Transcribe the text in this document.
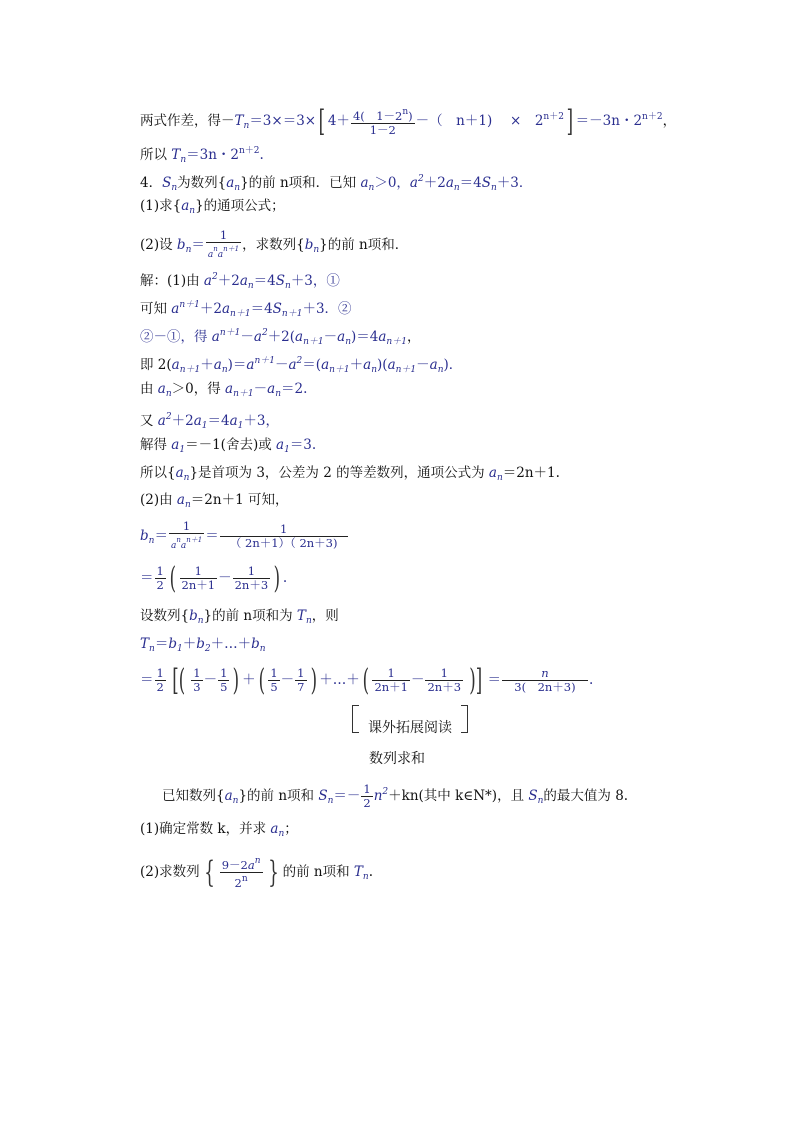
两式作差，得$-T_n=3\times=3\times$[ $4+ \frac{4( 1-2^n)}{1-2}$ －（　n＋1)　 ×　$2^{n+2}] =-3n$・$2^{n+2}$，
所以 $T_n=3n$・$2^{n+2}$.
4．$S_n$为数列$\{a_n\}$的前 n项和．已知 $a_n>0$，$a^2+2a_n=4S_n+3$．
(1)求$\{a_n\}$的通项公式；
(2)设 $b_n= \frac{1}{a^na^{n+1}}$ ，求数列$\{b_n\}$的前 n项和．
解：(1)由 $a^2+2a_n=4S_n+3$，①
可知 $a^{n+1}+2a_{n+1}=4S_{n+1}+3$．②
②－①，得 $a^{n+1}-a^2+2(a_{n+1}-a_n)=4a_{n+1}$，
即 $2(a_{n+1}+a_n)=a^{n+1}-a^2=(a_{n+1}+a_n)(a_{n+1}-a_n)$．
由 $a_n>0$，得 $a_{n+1}-a_n=2$.
又 $a^2+2a_1=4a_1+3$，
解得 $a_1=-1$(舍去)或 $a_1=3$.
所以$\{a_n\}$是首项为 3，公差为 2 的等差数列，通项公式为 $a_n=2n+1$.
(2)由 $a_n=2n+1$ 可知，
$b_n= \frac{1}{a^na^{n+1}} = \frac{1}{( 2n+1)( 2n+3)}$
＝ $\frac{1}{2}$ ( $\frac{1}{2n+1} - \frac{1}{2n+3}$ ) .
设数列$\{b_n\}$的前 n项和为 $T_n$，则
$T_n=b_1+b_2+\dots+b_n$
＝ $\frac{1}{2}$ [( $\frac{1}{3} - \frac{1}{5}$ ) ＋( $\frac{1}{5} - \frac{1}{7}$ ) ＋…＋( $\frac{1}{2n+1} - \frac{1}{2n+3}$ )] ＝ $\frac{n}{3( 2n+3)}$ .
课外拓展阅读
数列求和
已知数列$\{a_n\}$的前 n项和 $S_n=- \frac{1}{2} n^2+kn$(其中 k∈N*)，且 $S_n$的最大值为 8.
(1)确定常数 k，并求 $a_n$；
(2)求数列 { $\frac{9-2a^n}{2^n}$ } 的前 n项和 $T_n$.
